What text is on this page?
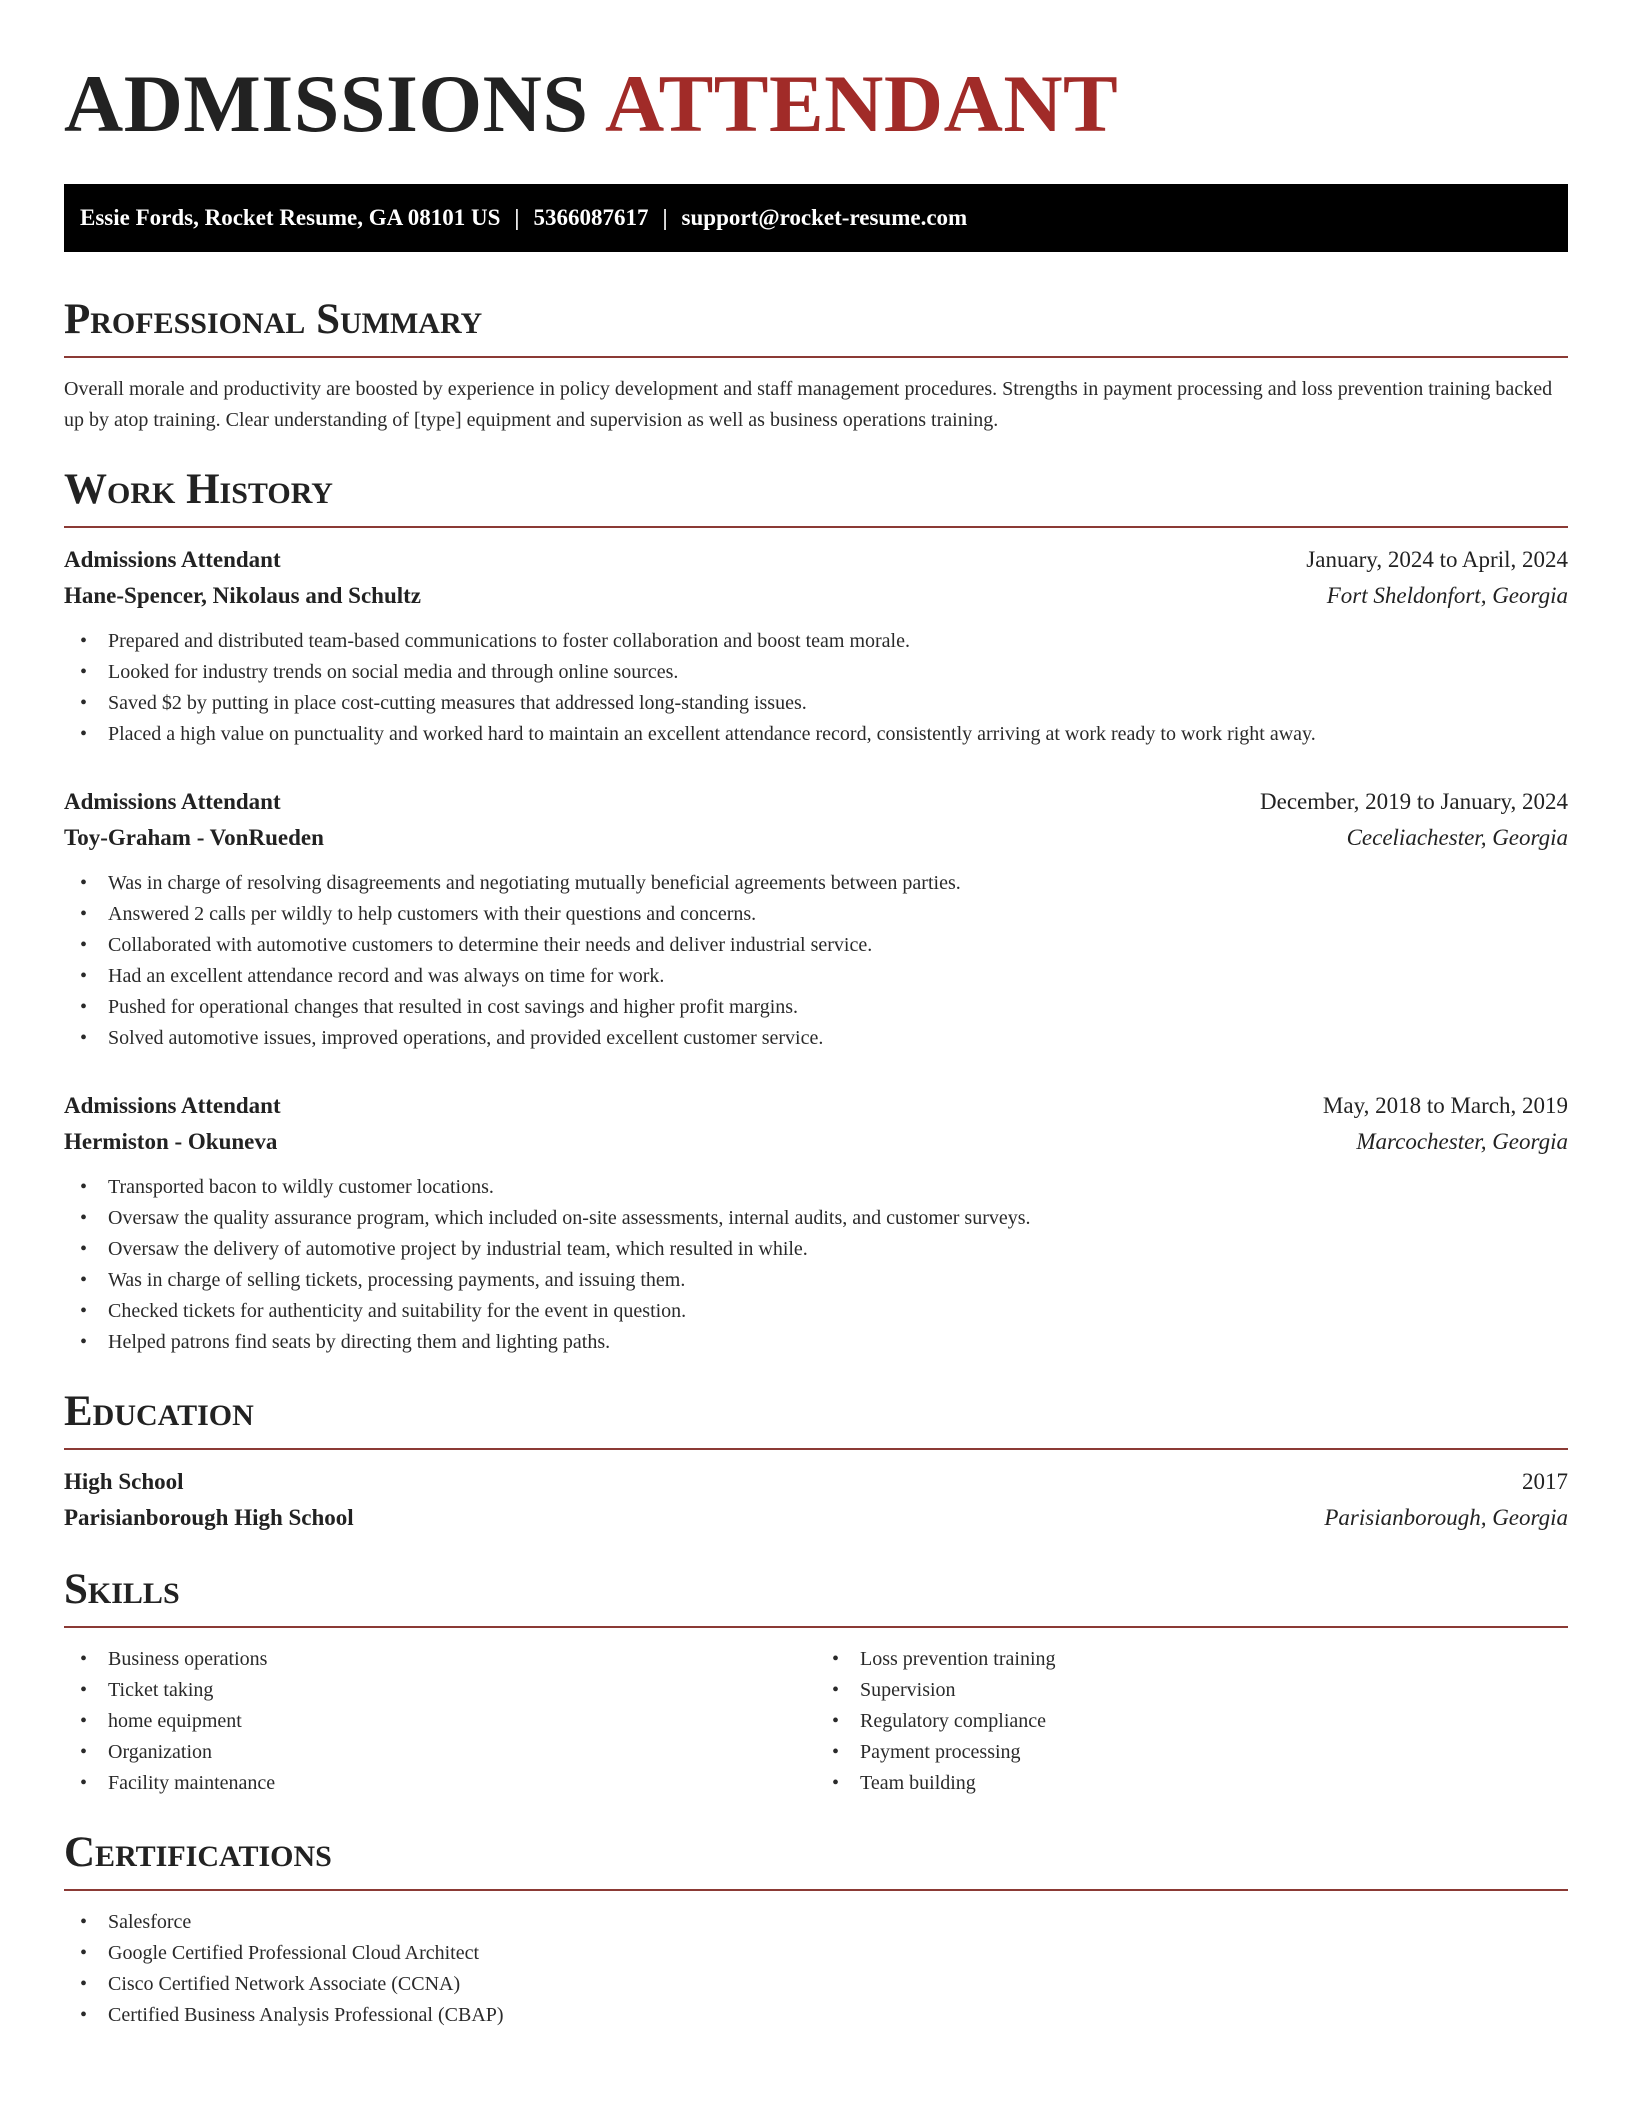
ADMISSIONS ATTENDANT
Essie Fords, Rocket Resume, GA 08101 US | 5366087617 | support@rocket-resume.com
Professional Summary

Overall morale and productivity are boosted by experience in policy development and staff management procedures. Strengths in payment processing and loss prevention training backed up by atop training. Clear understanding of [type] equipment and supervision as well as business operations training.

Work History
Admissions Attendant	January, 2024 to April, 2024
Hane-Spencer, Nikolaus and Schultz	Fort Sheldonfort, Georgia
• Prepared and distributed team-based communications to foster collaboration and boost team morale.
• Looked for industry trends on social media and through online sources.
• Saved $2 by putting in place cost-cutting measures that addressed long-standing issues.
• Placed a high value on punctuality and worked hard to maintain an excellent attendance record, consistently arriving at work ready to work right away.
Admissions Attendant	December, 2019 to January, 2024
Toy-Graham - VonRueden	Ceceliachester, Georgia
• Was in charge of resolving disagreements and negotiating mutually beneficial agreements between parties.
• Answered 2 calls per wildly to help customers with their questions and concerns.
• Collaborated with automotive customers to determine their needs and deliver industrial service.
• Had an excellent attendance record and was always on time for work.
• Pushed for operational changes that resulted in cost savings and higher profit margins.
• Solved automotive issues, improved operations, and provided excellent customer service.
Admissions Attendant	May, 2018 to March, 2019
Hermiston - Okuneva	Marcochester, Georgia
• Transported bacon to wildly customer locations.
• Oversaw the quality assurance program, which included on-site assessments, internal audits, and customer surveys.
• Oversaw the delivery of automotive project by industrial team, which resulted in while.
• Was in charge of selling tickets, processing payments, and issuing them.
• Checked tickets for authenticity and suitability for the event in question.
• Helped patrons find seats by directing them and lighting paths.
Education
High School	2017
Parisianborough High School	Parisianborough, Georgia
Skills
• Business operations
• Ticket taking
• home equipment
• Organization
• Facility maintenance
• Loss prevention training
• Supervision
• Regulatory compliance
• Payment processing
• Team building
Certifications
• Salesforce
• Google Certified Professional Cloud Architect
• Cisco Certified Network Associate (CCNA)
• Certified Business Analysis Professional (CBAP)
